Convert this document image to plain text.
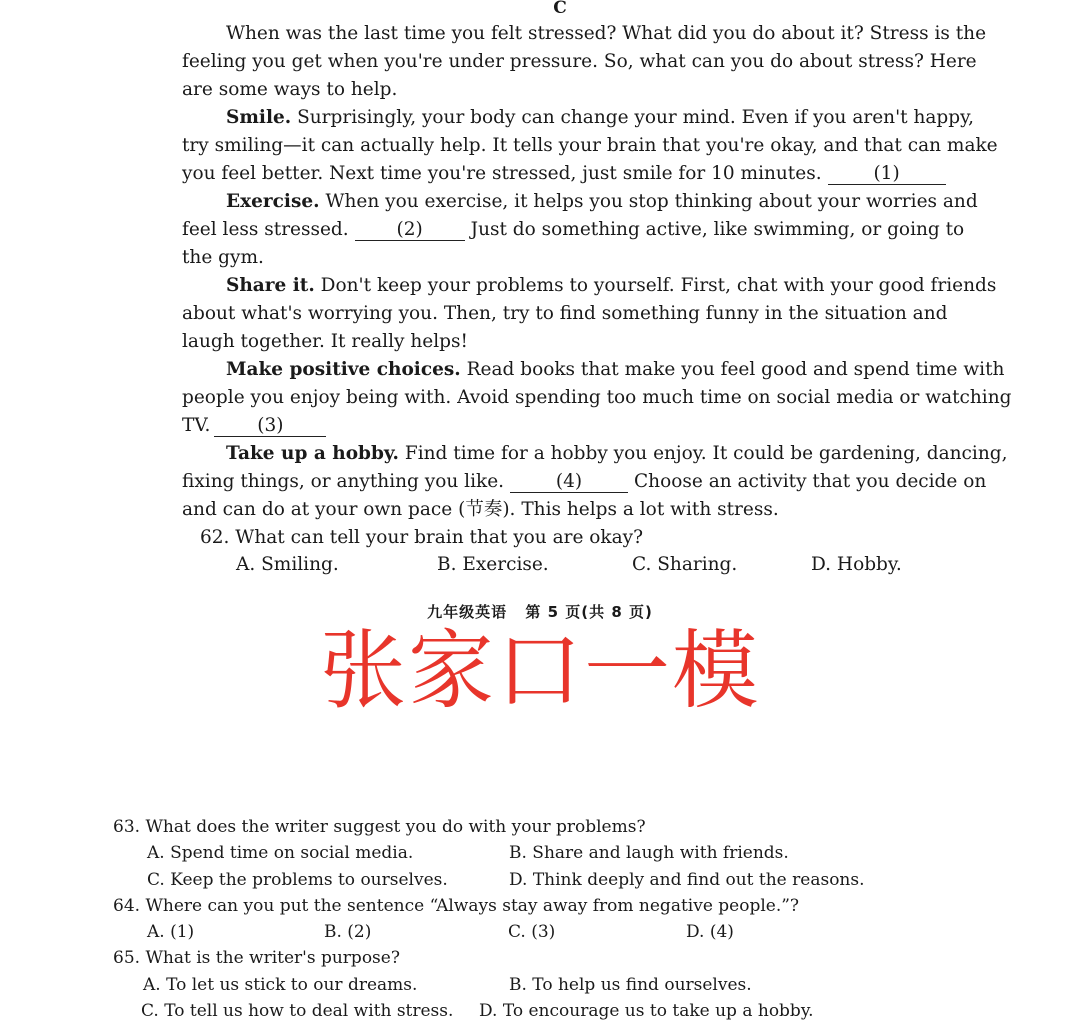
C
When was the last time you felt stressed? What did you do about it? Stress is the
feeling you get when you're under pressure. So, what can you do about stress? Here
are some ways to help.
Smile. Surprisingly, your body can change your mind. Even if you aren't happy,
try smiling—it can actually help. It tells your brain that you're okay, and that can make
you feel better. Next time you're stressed, just smile for 10 minutes.	(1)
Exercise. When you exercise, it helps you stop thinking about your worries and
feel less stressed.	(2)	Just do something active, like swimming, or going to
the gym.
Share it. Don't keep your problems to yourself. First, chat with your good friends
about what's worrying you. Then, try to find something funny in the situation and
laugh together. It really helps!
Make positive choices. Read books that make you feel good and spend time with
people you enjoy being with. Avoid spending too much time on social media or watching
TV.	(3)
Take up a hobby. Find time for a hobby you enjoy. It could be gardening, dancing,
fixing things, or anything you like.	(4)	Choose an activity that you decide on
and can do at your own pace (节奏). This helps a lot with stress.
62. What can tell your brain that you are okay?
A. Smiling.	B. Exercise.	C. Sharing.	D. Hobby.
九年级英语 第 5 页(共 8 页)
张家口一模
63. What does the writer suggest you do with your problems?
A. Spend time on social media.	B. Share and laugh with friends.
C. Keep the problems to ourselves.	D. Think deeply and find out the reasons.
64. Where can you put the sentence “Always stay away from negative people.”?
A. (1)	B. (2)	C. (3)	D. (4)
65. What is the writer's purpose?
A. To let us stick to our dreams.	B. To help us find ourselves.
C. To tell us how to deal with stress. D. To encourage us to take up a hobby.
